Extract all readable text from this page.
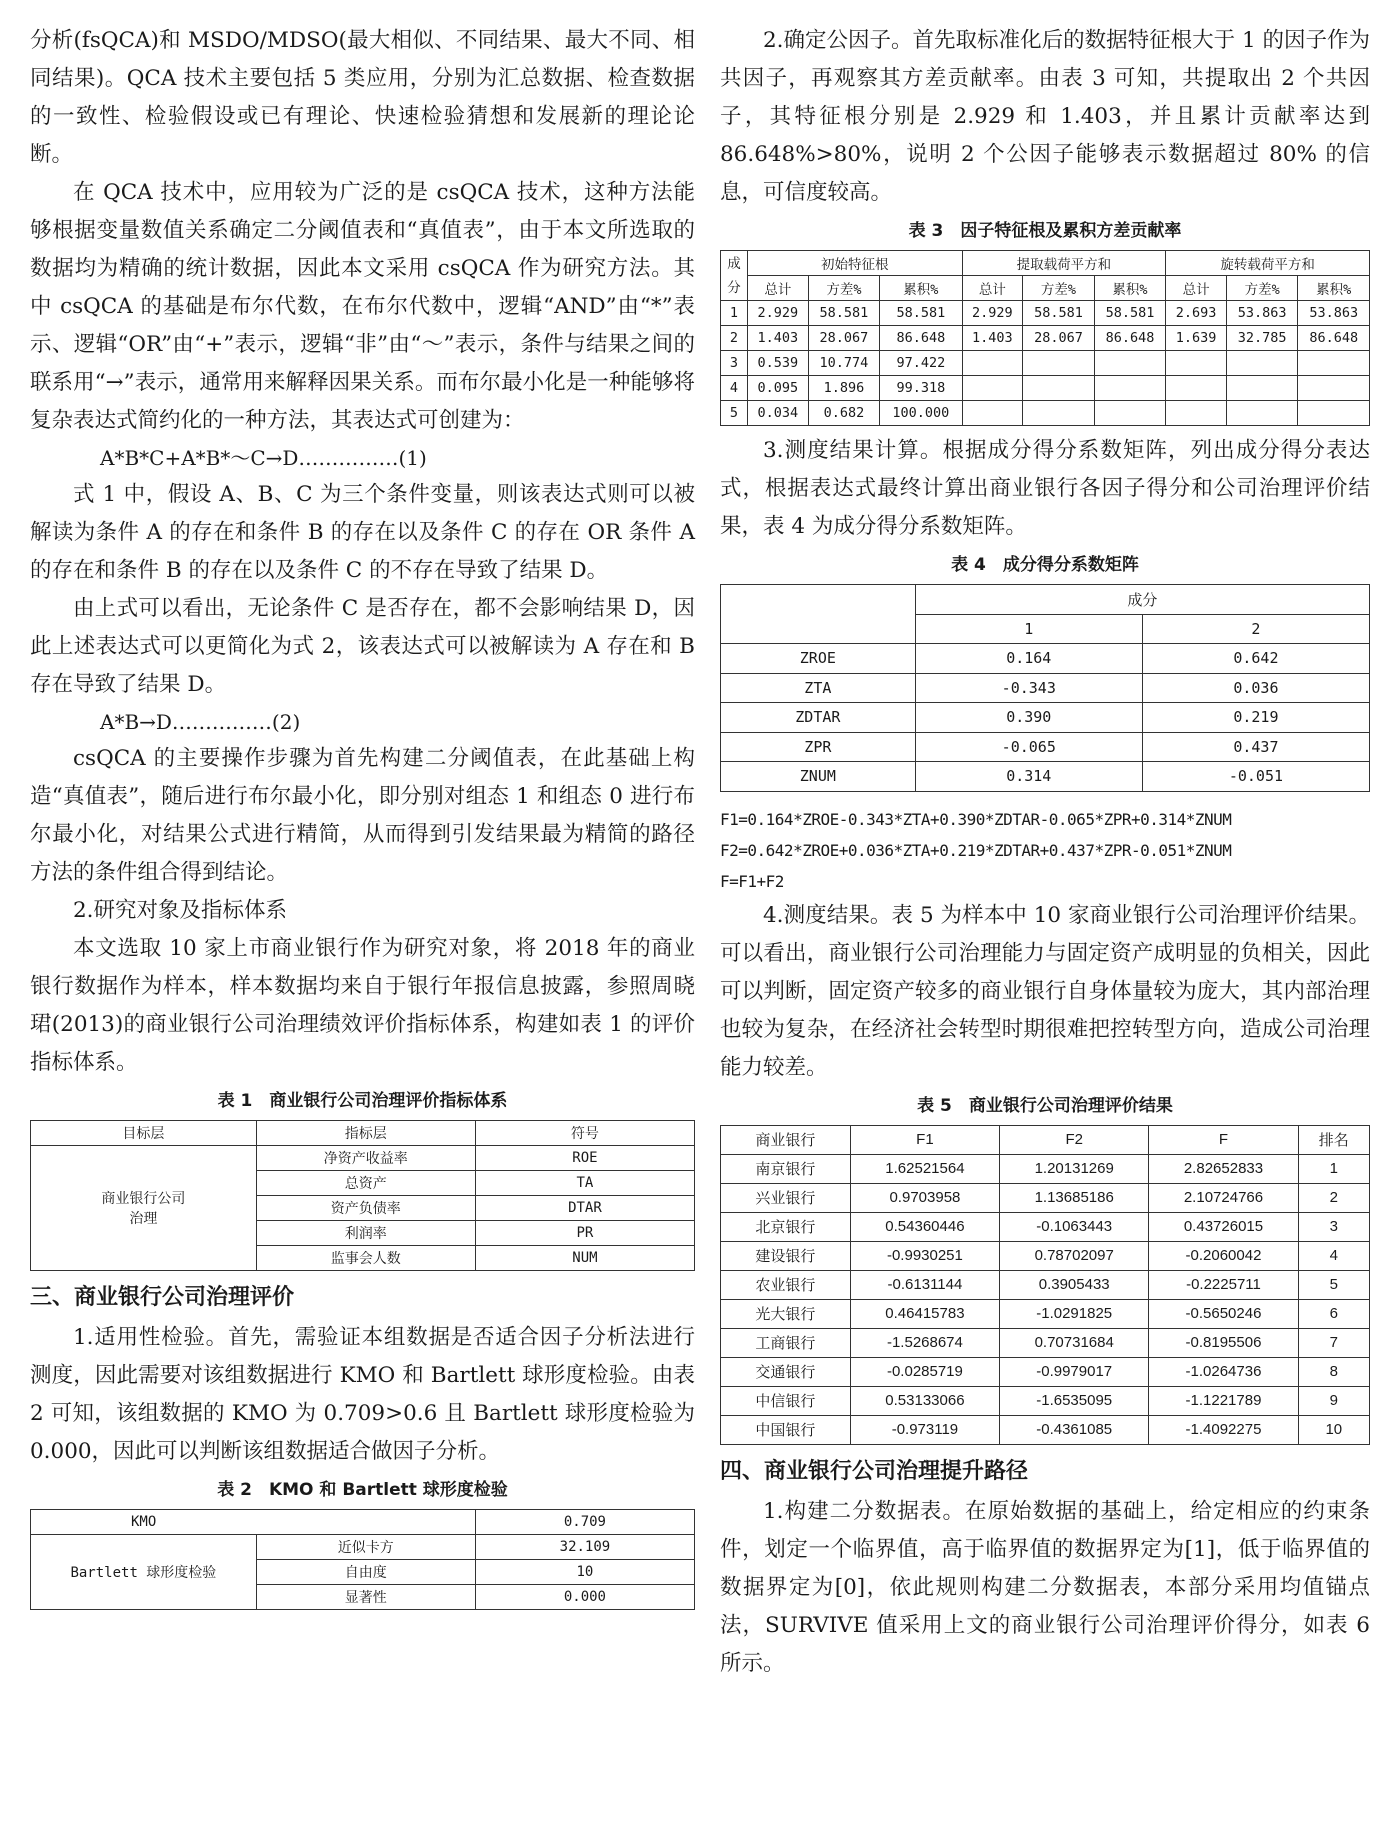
分析(fsQCA)和 MSDO/MDSO(最大相似、不同结果、最大不同、相同结果)。QCA 技术主要包括 5 类应用，分别为汇总数据、检查数据的一致性、检验假设或已有理论、快速检验猜想和发展新的理论论断。

在 QCA 技术中，应用较为广泛的是 csQCA 技术，这种方法能够根据变量数值关系确定二分阈值表和“真值表”，由于本文所选取的数据均为精确的统计数据，因此本文采用 csQCA 作为研究方法。其中 csQCA 的基础是布尔代数，在布尔代数中，逻辑“AND”由“*”表示、逻辑“OR”由“+”表示，逻辑“非”由“～”表示，条件与结果之间的联系用“→”表示，通常用来解释因果关系。而布尔最小化是一种能够将复杂表达式简约化的一种方法，其表达式可创建为：

A*B*C+A*B*～C→D……………(1)

式 1 中，假设 A、B、C 为三个条件变量，则该表达式则可以被解读为条件 A 的存在和条件 B 的存在以及条件 C 的存在 OR 条件 A 的存在和条件 B 的存在以及条件 C 的不存在导致了结果 D。

由上式可以看出，无论条件 C 是否存在，都不会影响结果 D，因此上述表达式可以更简化为式 2，该表达式可以被解读为 A 存在和 B 存在导致了结果 D。

A*B→D……………(2)

csQCA 的主要操作步骤为首先构建二分阈值表，在此基础上构造“真值表”，随后进行布尔最小化，即分别对组态 1 和组态 0 进行布尔最小化，对结果公式进行精简，从而得到引发结果最为精简的路径方法的条件组合得到结论。

2.研究对象及指标体系

本文选取 10 家上市商业银行作为研究对象，将 2018 年的商业银行数据作为样本，样本数据均来自于银行年报信息披露，参照周晓珺(2013)的商业银行公司治理绩效评价指标体系，构建如表 1 的评价指标体系。

表 1　商业银行公司治理评价指标体系
目标层	指标层	符号
商业银行公司治理	净资产收益率	ROE
	总资产	TA
	资产负债率	DTAR
	利润率	PR
	监事会人数	NUM
三、商业银行公司治理评价

1.适用性检验。首先，需验证本组数据是否适合因子分析法进行测度，因此需要对该组数据进行 KMO 和 Bartlett 球形度检验。由表 2 可知，该组数据的 KMO 为 0.709>0.6 且 Bartlett 球形度检验为 0.000，因此可以判断该组数据适合做因子分析。

表 2　KMO 和 Bartlett 球形度检验
KMO		0.709
Bartlett 球形度检验	近似卡方	32.109
	自由度	10
	显著性	0.000

2.确定公因子。首先取标准化后的数据特征根大于 1 的因子作为共因子，再观察其方差贡献率。由表 3 可知，共提取出 2 个共因子，其特征根分别是 2.929 和 1.403，并且累计贡献率达到 86.648%>80%，说明 2 个公因子能够表示数据超过 80% 的信息，可信度较高。

表 3　因子特征根及累积方差贡献率
成分	初始特征根			提取载荷平方和			旋转载荷平方和		
	总计	方差%	累积%	总计	方差%	累积%	总计	方差%	累积%
1	2.929	58.581	58.581	2.929	58.581	58.581	2.693	53.863	53.863
2	1.403	28.067	86.648	1.403	28.067	86.648	1.639	32.785	86.648
3	0.539	10.774	97.422						
4	0.095	1.896	99.318						
5	0.034	0.682	100.000						

3.测度结果计算。根据成分得分系数矩阵，列出成分得分表达式，根据表达式最终计算出商业银行各因子得分和公司治理评价结果，表 4 为成分得分系数矩阵。

表 4　成分得分系数矩阵
	成分	
	1	2
ZROE	0.164	0.642
ZTA	-0.343	0.036
ZDTAR	0.390	0.219
ZPR	-0.065	0.437
ZNUM	0.314	-0.051

F1=0.164*ZROE-0.343*ZTA+0.390*ZDTAR-0.065*ZPR+0.314*ZNUM

F2=0.642*ZROE+0.036*ZTA+0.219*ZDTAR+0.437*ZPR-0.051*ZNUM

F=F1+F2

4.测度结果。表 5 为样本中 10 家商业银行公司治理评价结果。可以看出，商业银行公司治理能力与固定资产成明显的负相关，因此可以判断，固定资产较多的商业银行自身体量较为庞大，其内部治理也较为复杂，在经济社会转型时期很难把控转型方向，造成公司治理能力较差。

表 5　商业银行公司治理评价结果
商业银行	F1	F2	F	排名
南京银行	1.62521564	1.20131269	2.82652833	1
兴业银行	0.9703958	1.13685186	2.10724766	2
北京银行	0.54360446	-0.1063443	0.43726015	3
建设银行	-0.9930251	0.78702097	-0.2060042	4
农业银行	-0.6131144	0.3905433	-0.2225711	5
光大银行	0.46415783	-1.0291825	-0.5650246	6
工商银行	-1.5268674	0.70731684	-0.8195506	7
交通银行	-0.0285719	-0.9979017	-1.0264736	8
中信银行	0.53133066	-1.6535095	-1.1221789	9
中国银行	-0.973119	-0.4361085	-1.4092275	10
四、商业银行公司治理提升路径

1.构建二分数据表。在原始数据的基础上，给定相应的约束条件，划定一个临界值，高于临界值的数据界定为[1]，低于临界值的数据界定为[0]，依此规则构建二分数据表，本部分采用均值锚点法，SURVIVE 值采用上文的商业银行公司治理评价得分，如表 6 所示。
